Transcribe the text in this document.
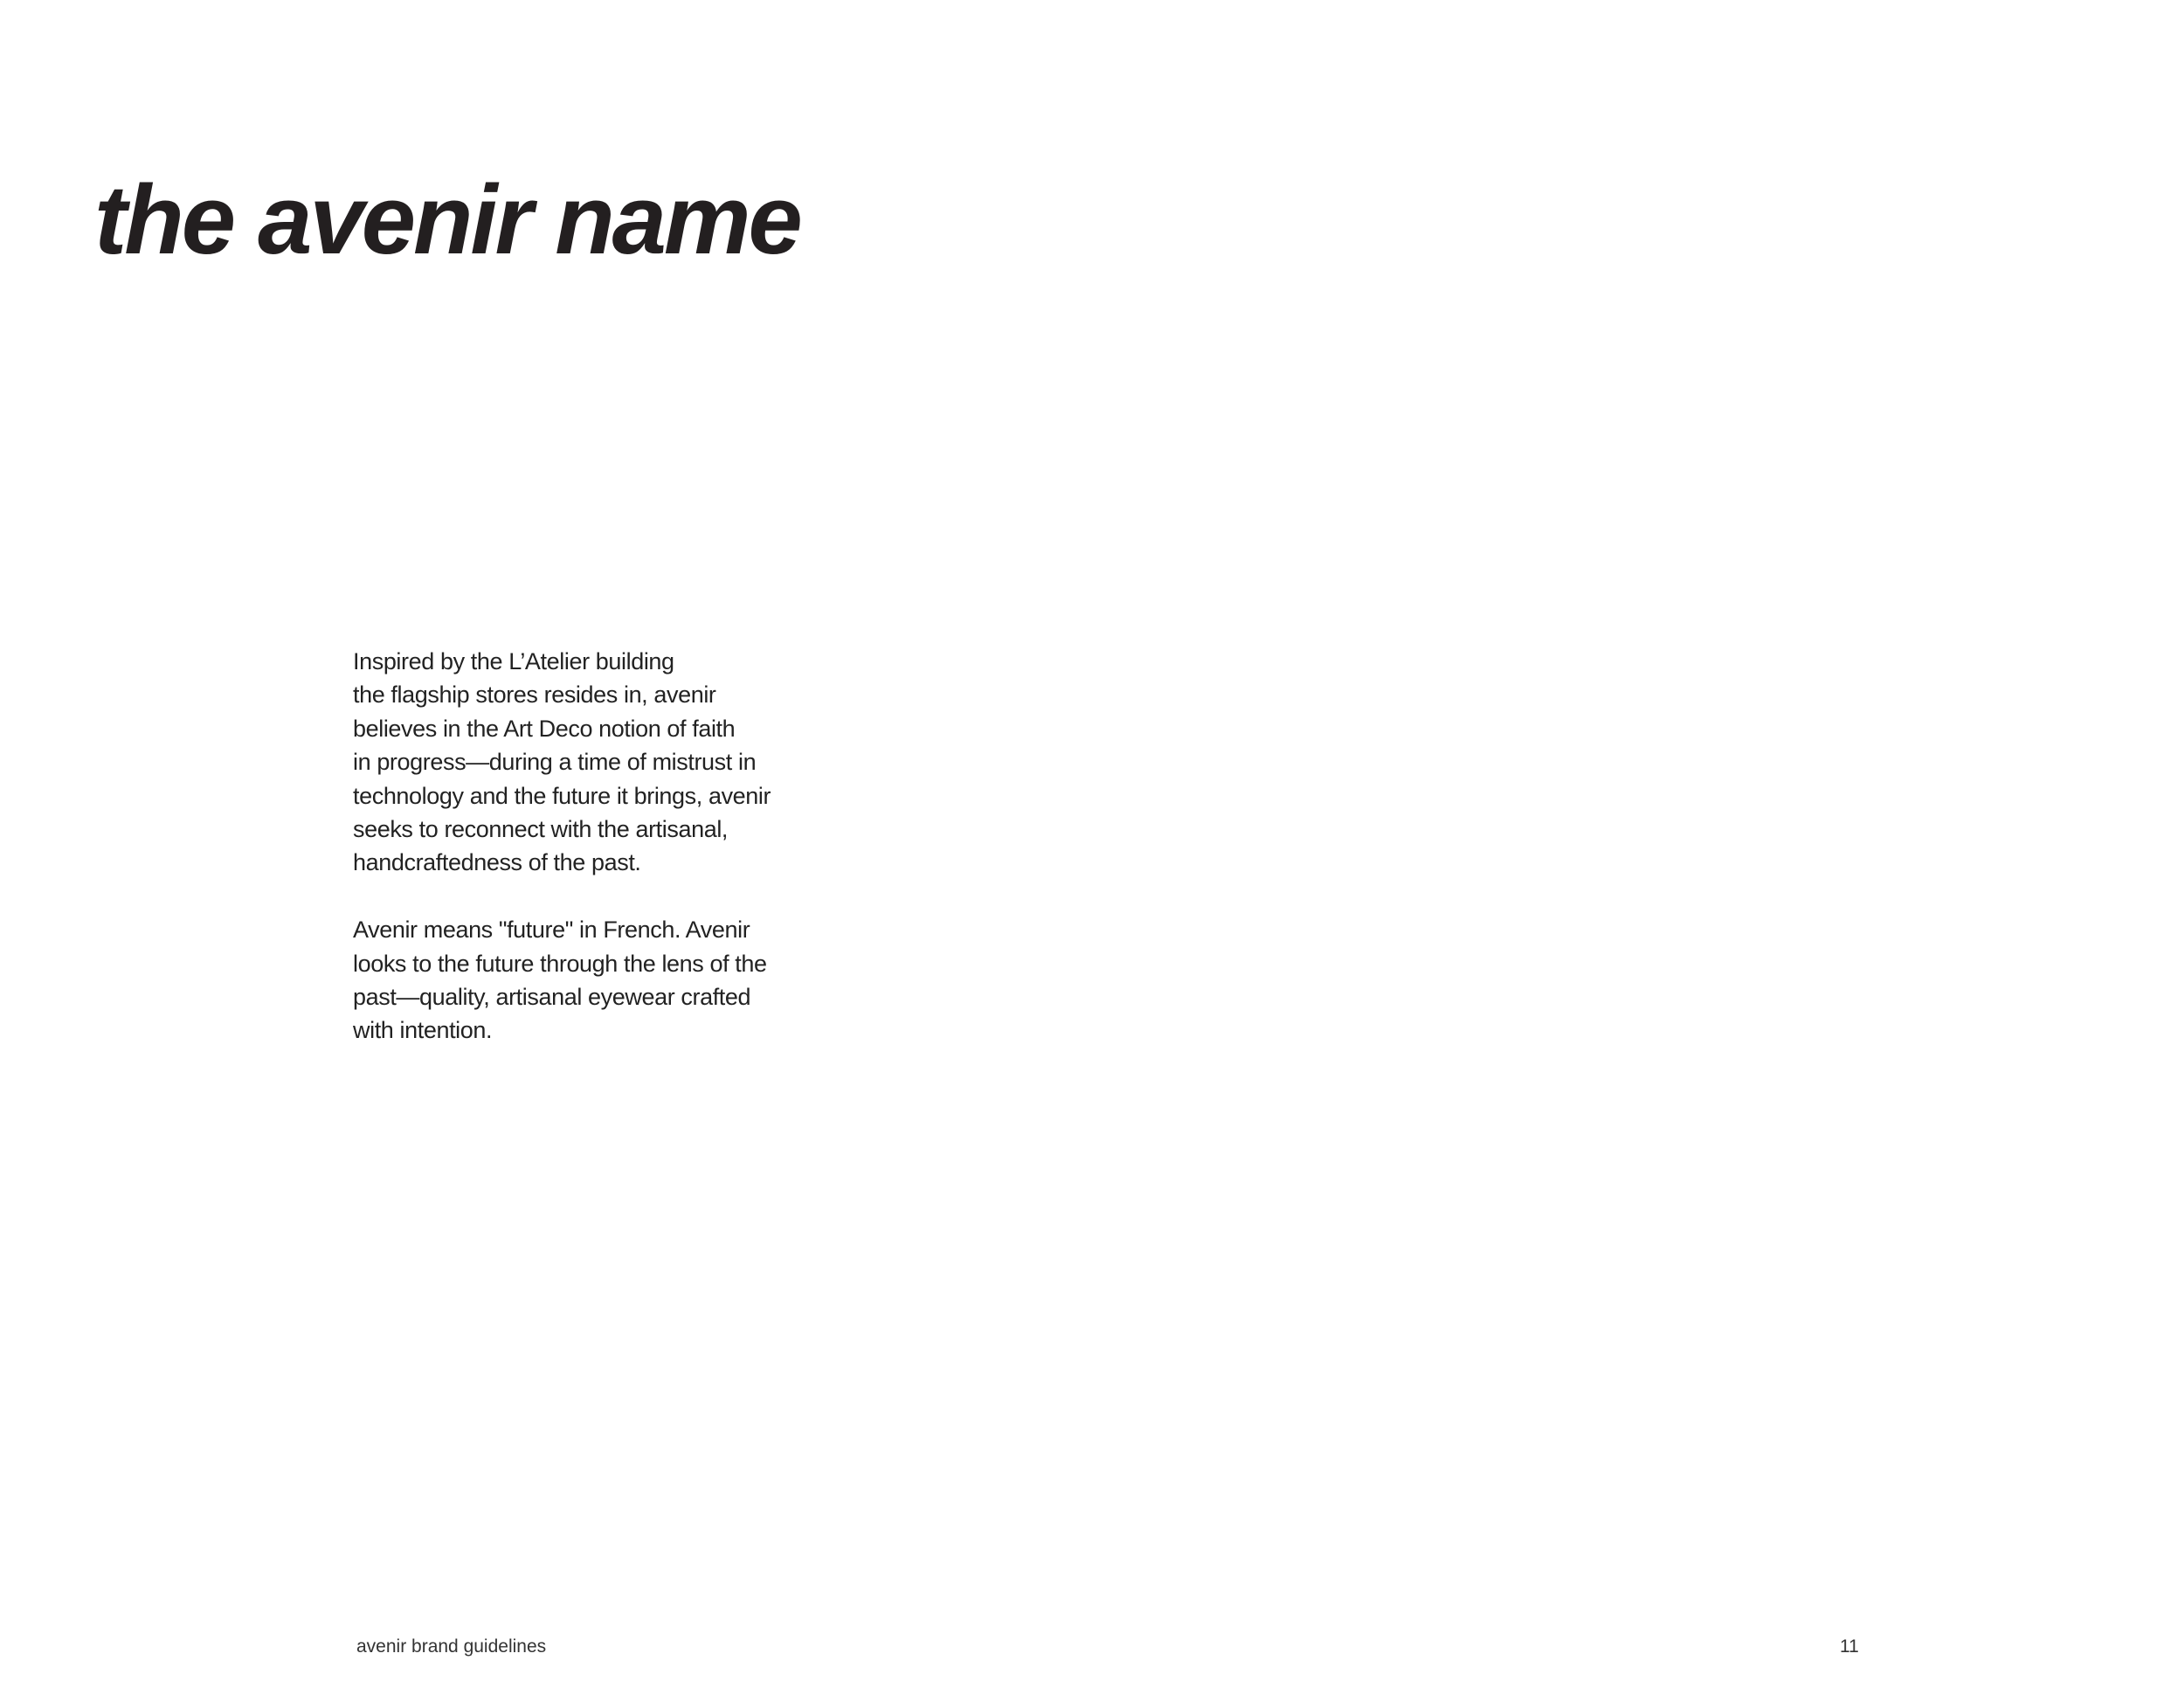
the avenir name
Inspired by the L’Atelier building
the flagship stores resides in, avenir
believes in the Art Deco notion of faith
in progress—during a time of mistrust in
technology and the future it brings, avenir
seeks to reconnect with the artisanal,
handcraftedness of the past.
Avenir means "future" in French. Avenir
looks to the future through the lens of the
past—quality, artisanal eyewear crafted
with intention.
avenir brand guidelines	11
